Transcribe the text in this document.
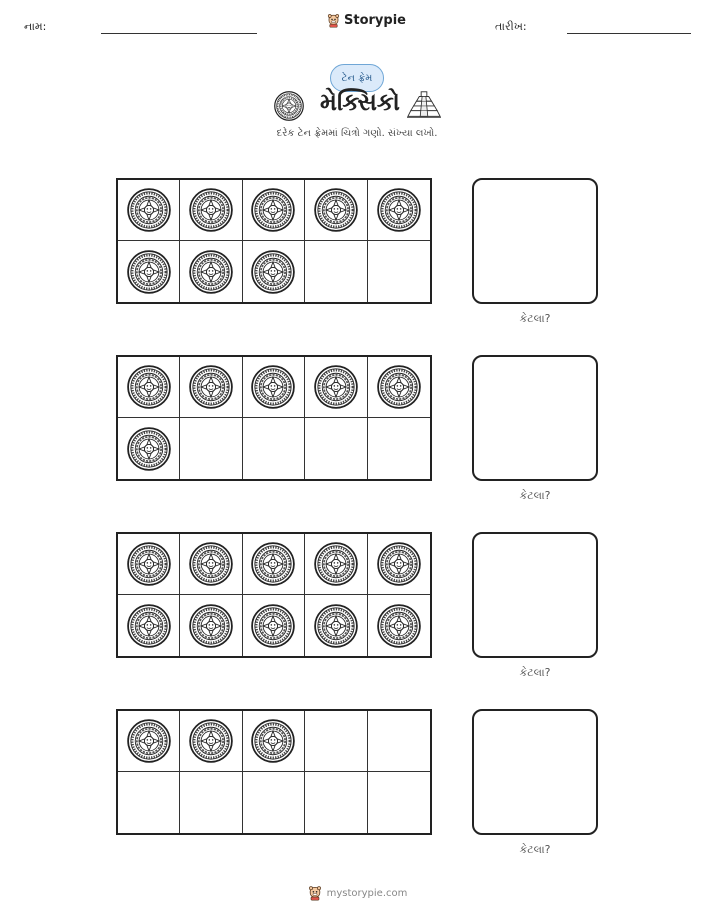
નામ:	Storypie	તારીખ:
ટેન ફ્રેમ
મેક્સિકો
દરેક ટેન ફ્રેમમાં ચિત્રો ગણો. સંખ્યા લખો.
કેટલા?
કેટલા?
કેટલા?
કેટલા?
mystorypie.com
